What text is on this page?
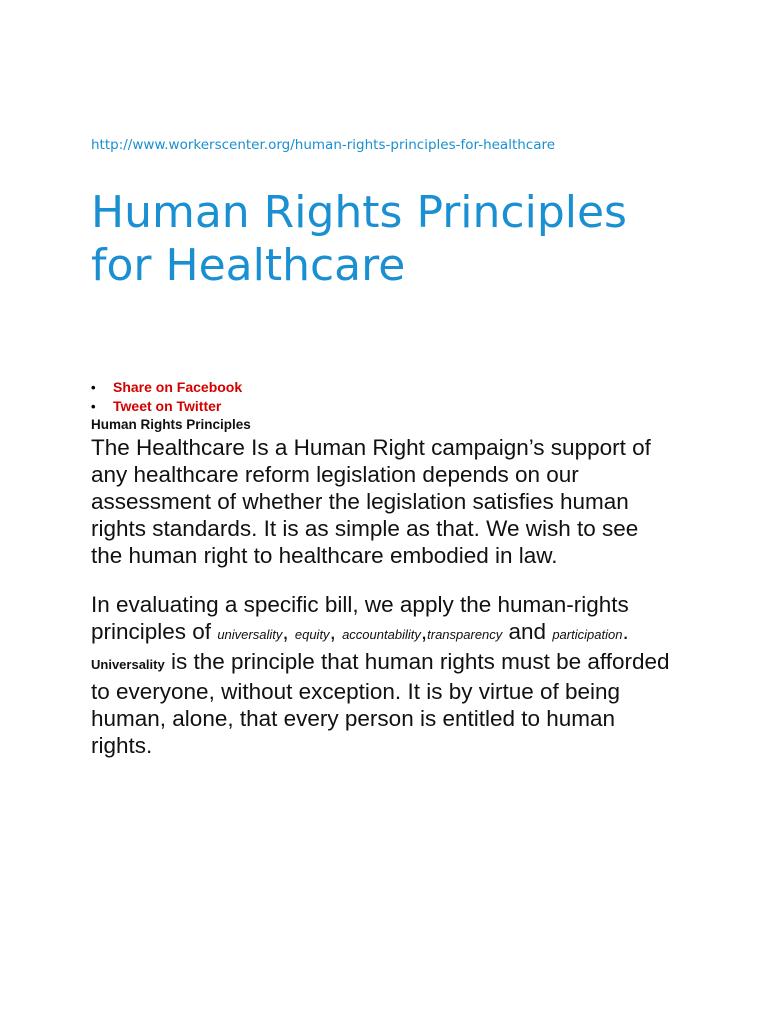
http://www.workerscenter.org/human-rights-principles-for-healthcare
Human Rights Principles for Healthcare
• Share on Facebook
• Tweet on Twitter
Human Rights Principles

The Healthcare Is a Human Right campaign’s support of any healthcare reform legislation depends on our assessment of whether the legislation satisfies human rights standards. It is as simple as that. We wish to see the human right to healthcare embodied in law.

In evaluating a specific bill, we apply the human-rights principles of universality, equity, accountability,transparency and participation.
Universality is the principle that human rights must be afforded to everyone, without exception. It is by virtue of being human, alone, that every person is entitled to human rights.
